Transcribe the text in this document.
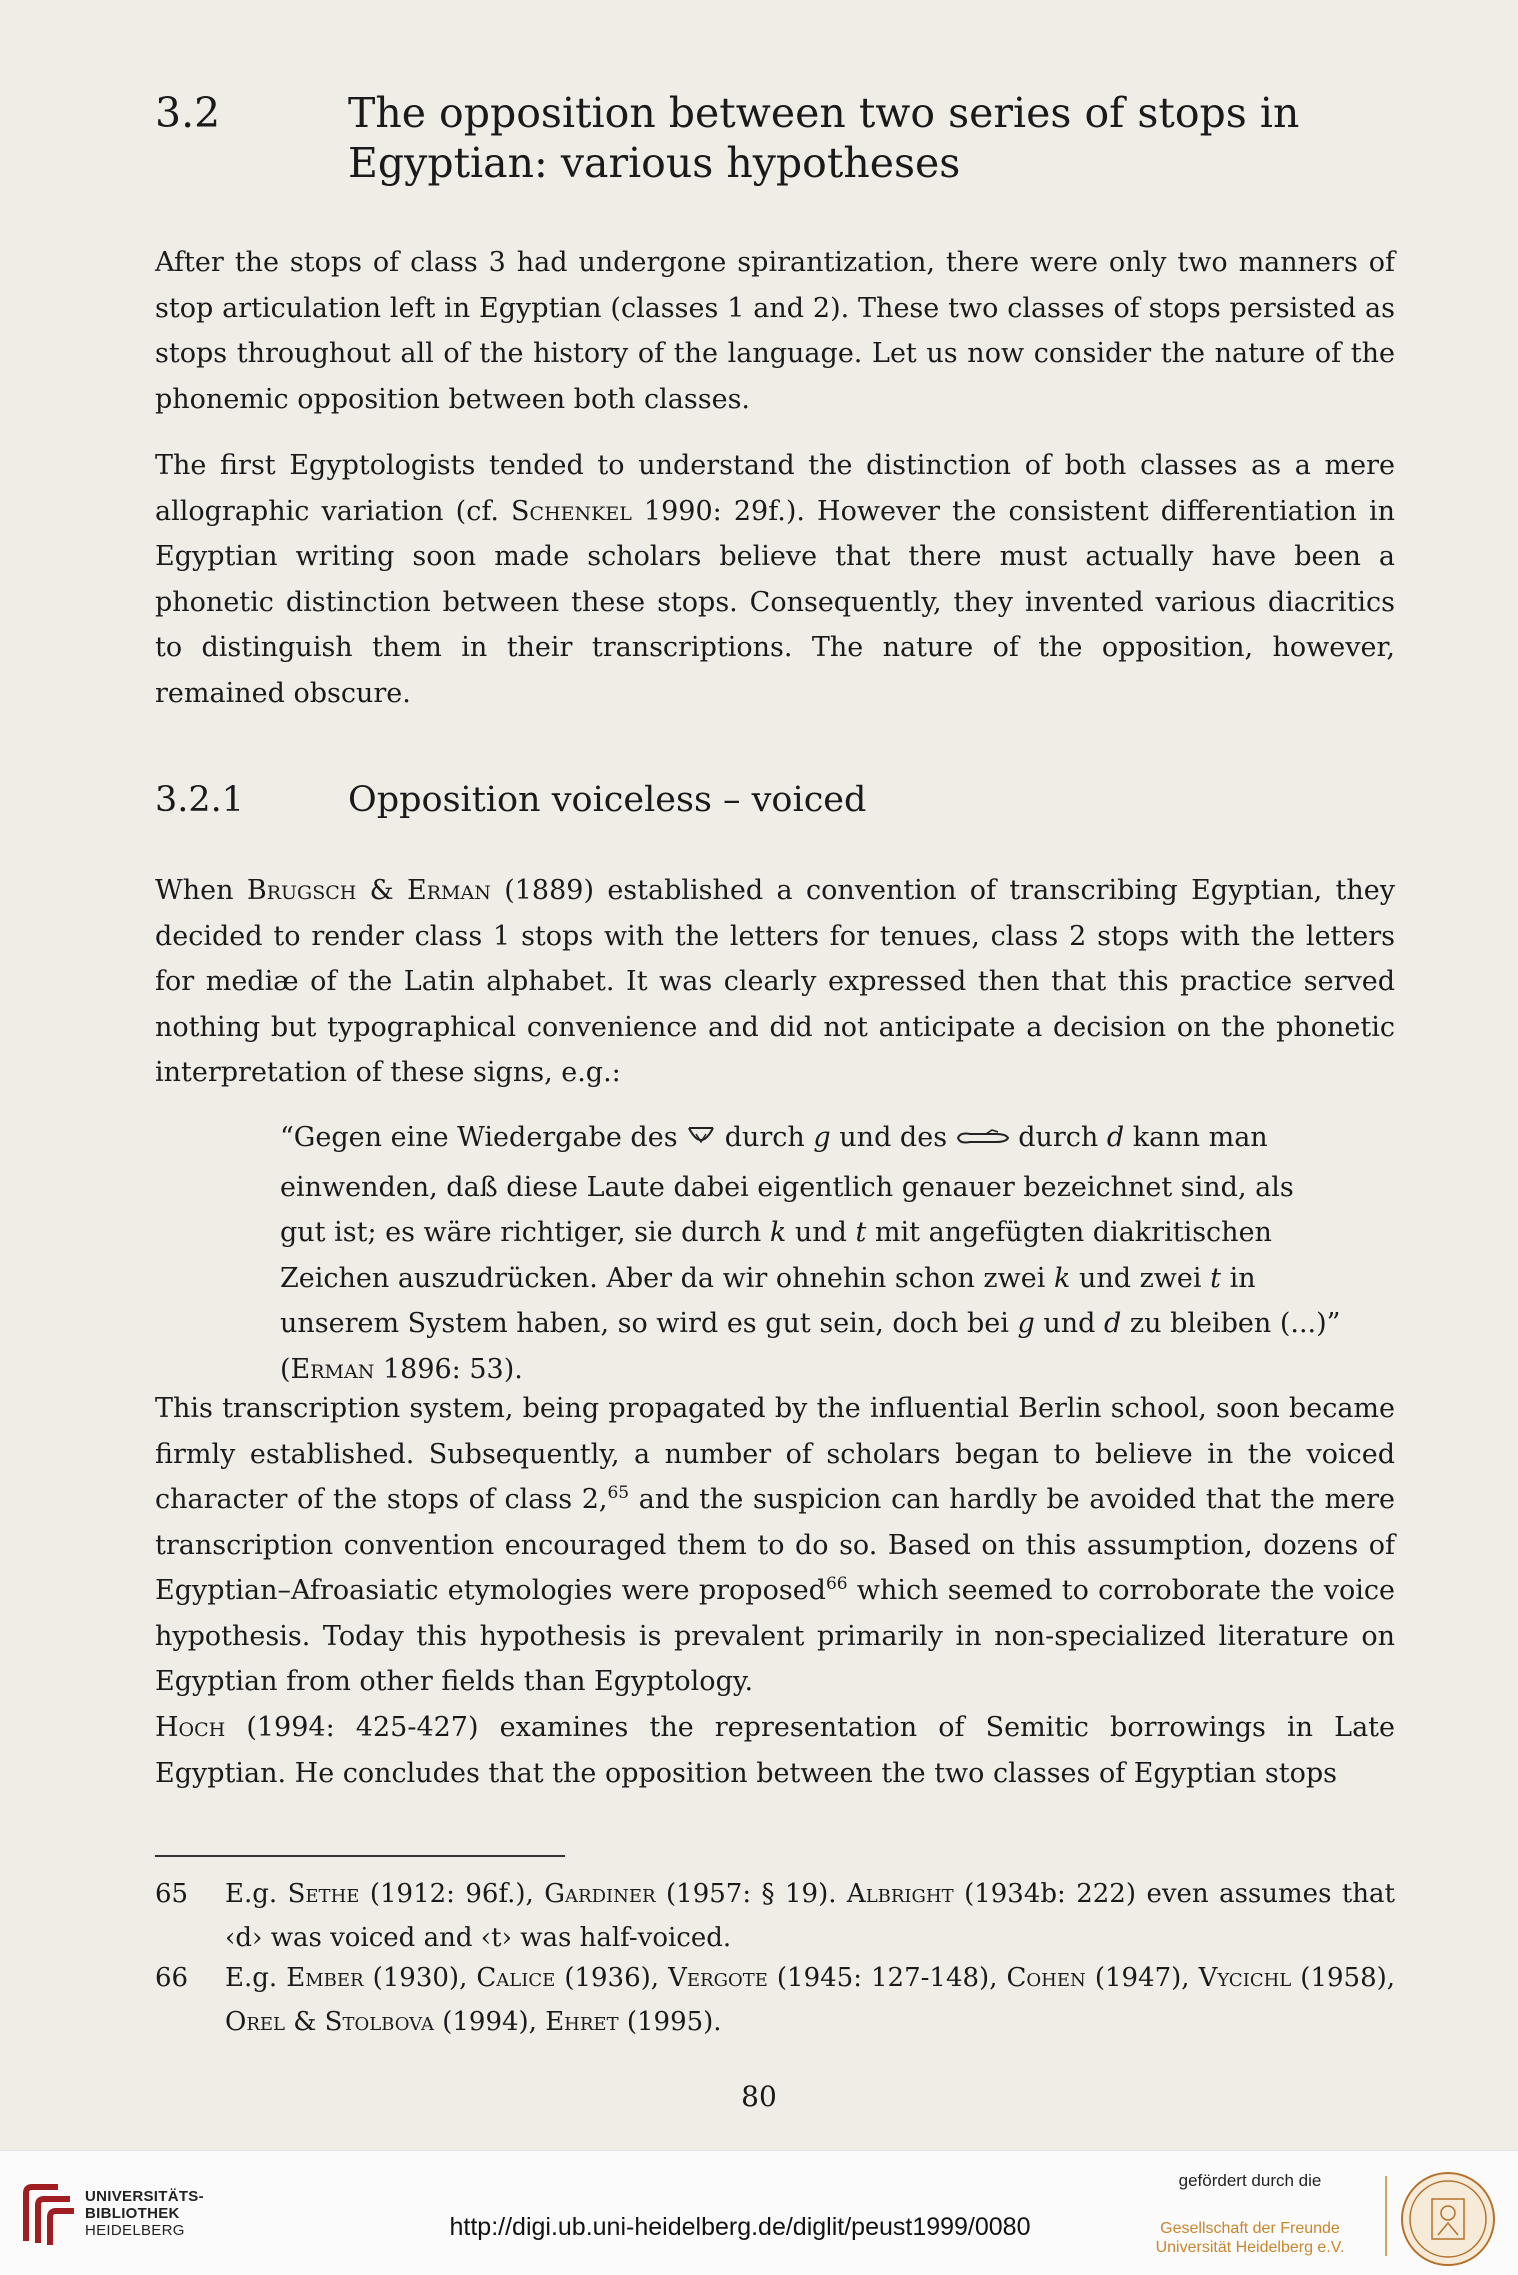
3.2	The opposition between two series of stops in Egyptian: various hypotheses

After the stops of class 3 had undergone spirantization, there were only two manners of stop articulation left in Egyptian (classes 1 and 2). These two classes of stops persisted as stops throughout all of the history of the language. Let us now consider the nature of the phonemic opposition between both classes.

The first Egyptologists tended to understand the distinction of both classes as a mere allographic variation (cf. Schenkel 1990: 29f.). However the consistent differentiation in Egyptian writing soon made scholars believe that there must actually have been a phonetic distinction between these stops. Consequently, they invented various diacritics to distinguish them in their transcriptions. The nature of the opposition, however, remained obscure.

3.2.1	Opposition voiceless – voiced

When Brugsch & Erman (1889) established a convention of transcribing Egyptian, they decided to render class 1 stops with the letters for tenues, class 2 stops with the letters for mediæ of the Latin alphabet. It was clearly expressed then that this practice served nothing but typographical convenience and did not anticipate a decision on the phonetic interpretation of these signs, e.g.:

“Gegen eine Wiedergabe des  durch g und des  durch d kann man
einwenden, daß diese Laute dabei eigentlich genauer bezeichnet sind, als
gut ist; es wäre richtiger, sie durch k und t mit angefügten diakritischen
Zeichen auszudrücken. Aber da wir ohnehin schon zwei k und zwei t in
unserem System haben, so wird es gut sein, doch bei g und d zu bleiben (...)”
(Erman 1896: 53).

This transcription system, being propagated by the influential Berlin school, soon became firmly established. Subsequently, a number of scholars began to believe in the voiced character of the stops of class 2,65 and the suspicion can hardly be avoided that the mere transcription convention encouraged them to do so. Based on this assumption, dozens of Egyptian–Afroasiatic etymologies were proposed$^{66}$ which seemed to corroborate the voice hypothesis. Today this hypothesis is prevalent primarily in non-specialized literature on Egyptian from other fields than Egyptology.

Hoch (1994: 425-427) examines the representation of Semitic borrowings in Late Egyptian. He concludes that the opposition between the two classes of Egyptian stops

65 E.g. Sethe (1912: 96f.), Gardiner (1957: § 19). Albright (1934b: 222) even assumes that ‹d› was voiced and ‹t› was half-voiced.
66 E.g. Ember (1930), Calice (1936), Vergote (1945: 127-148), Cohen (1947), Vycichl (1958), Orel & Stolbova (1994), Ehret (1995).
80
UNIVERSITÄTS-
BIBLIOTHEK
HEIDELBERG	http://digi.ub.uni-heidelberg.de/diglit/peust1999/0080
gefördert durch die
Gesellschaft der Freunde
Universität Heidelberg e.V.
